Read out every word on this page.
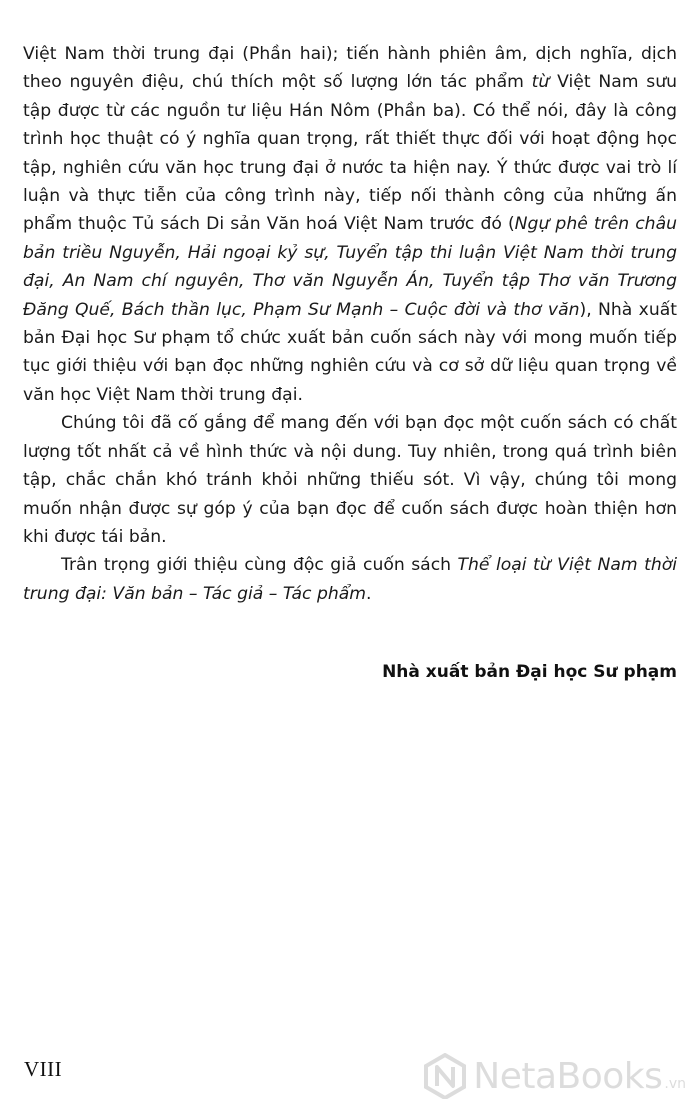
Việt Nam thời trung đại (Phần hai); tiến hành phiên âm, dịch nghĩa, dịch theo nguyên điệu, chú thích một số lượng lớn tác phẩm từ Việt Nam sưu tập được từ các nguồn tư liệu Hán Nôm (Phần ba). Có thể nói, đây là công trình học thuật có ý nghĩa quan trọng, rất thiết thực đối với hoạt động học tập, nghiên cứu văn học trung đại ở nước ta hiện nay. Ý thức được vai trò lí luận và thực tiễn của công trình này, tiếp nối thành công của những ấn phẩm thuộc Tủ sách Di sản Văn hoá Việt Nam trước đó (Ngự phê trên châu bản triều Nguyễn, Hải ngoại kỷ sự, Tuyển tập thi luận Việt Nam thời trung đại, An Nam chí nguyên, Thơ văn Nguyễn Án, Tuyển tập Thơ văn Trương Đăng Quế, Bách thần lục, Phạm Sư Mạnh – Cuộc đời và thơ văn), Nhà xuất bản Đại học Sư phạm tổ chức xuất bản cuốn sách này với mong muốn tiếp tục giới thiệu với bạn đọc những nghiên cứu và cơ sở dữ liệu quan trọng về văn học Việt Nam thời trung đại.

Chúng tôi đã cố gắng để mang đến với bạn đọc một cuốn sách có chất lượng tốt nhất cả về hình thức và nội dung. Tuy nhiên, trong quá trình biên tập, chắc chắn khó tránh khỏi những thiếu sót. Vì vậy, chúng tôi mong muốn nhận được sự góp ý của bạn đọc để cuốn sách được hoàn thiện hơn khi được tái bản.

Trân trọng giới thiệu cùng độc giả cuốn sách Thể loại từ Việt Nam thời trung đại: Văn bản – Tác giả – Tác phẩm.

Nhà xuất bản Đại học Sư phạm
VIII	NetaBooks .vn
